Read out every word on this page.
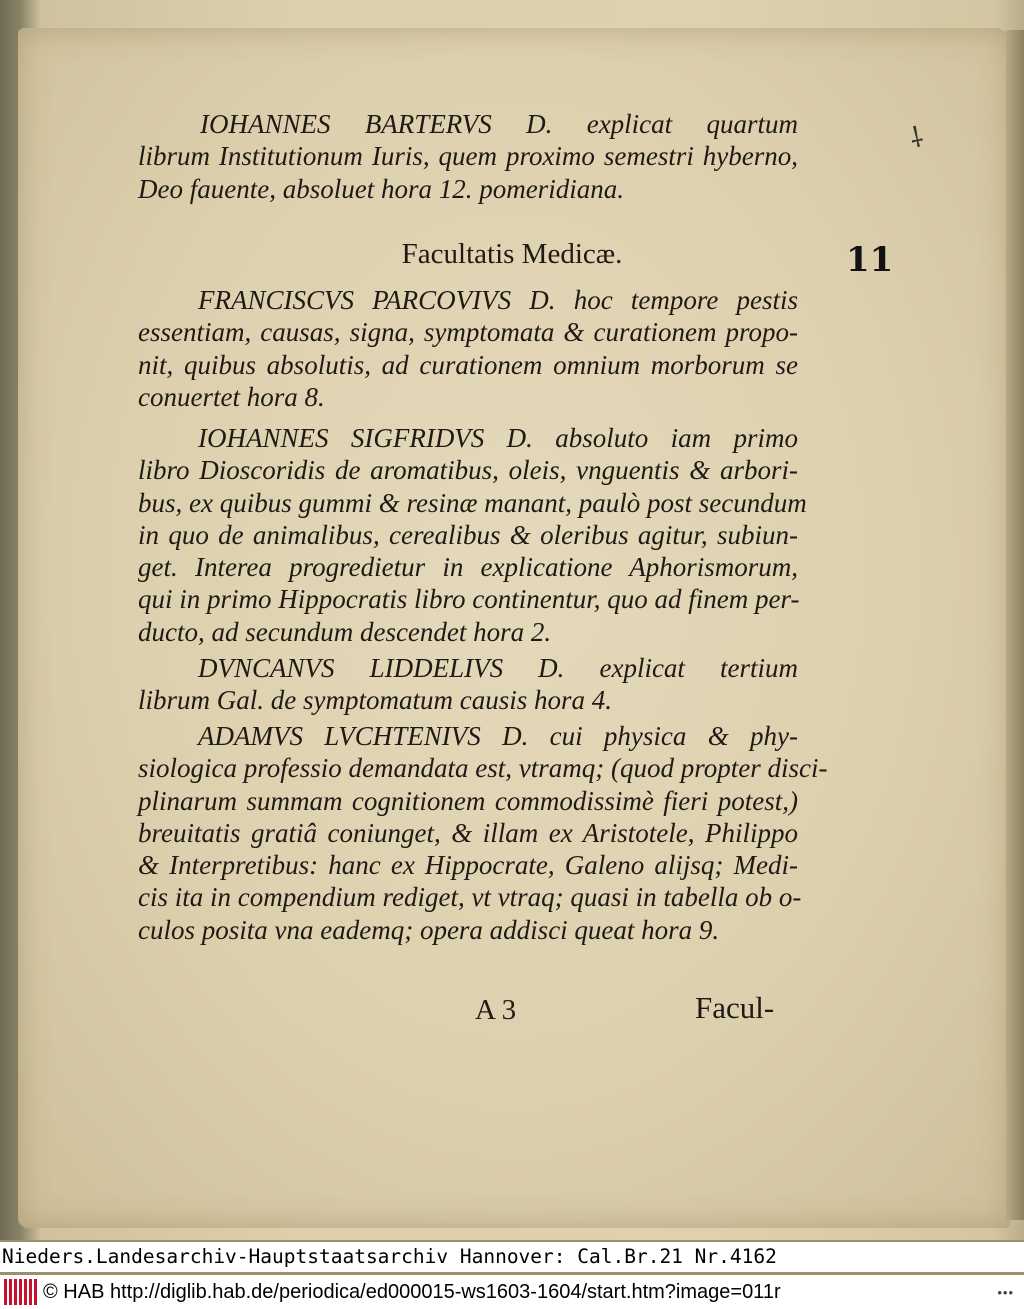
⸸
11
IOHANNES BARTERVS D. explicat quartum
librum Institutionum Iuris, quem proximo semestri hyberno,
Deo fauente, absoluet hora 12. pomeridiana.
Facultatis Medicæ.
FRANCISCVS PARCOVIVS D. hoc tempore pestis
essentiam, causas, signa, symptomata & curationem propo-
nit, quibus absolutis, ad curationem omnium morborum se
conuertet hora 8.
IOHANNES SIGFRIDVS D. absoluto iam primo
libro Dioscoridis de aromatibus, oleis, vnguentis & arbori-
bus, ex quibus gummi & resinæ manant, paulò post secundum
in quo de animalibus, cerealibus & oleribus agitur, subiun-
get. Interea progredietur in explicatione Aphorismorum,
qui in primo Hippocratis libro continentur, quo ad finem per-
ducto, ad secundum descendet hora 2.
DVNCANVS LIDDELIVS D. explicat tertium
librum Gal. de symptomatum causis hora 4.
ADAMVS LVCHTENIVS D. cui physica & phy-
siologica professio demandata est, vtramq; (quod propter disci-
plinarum summam cognitionem commodissimè fieri potest,)
breuitatis gratiâ coniunget, & illam ex Aristotele, Philippo
& Interpretibus: hanc ex Hippocrate, Galeno alijsq; Medi-
cis ita in compendium rediget, vt vtraq; quasi in tabella ob o-
culos posita vna eademq; opera addisci queat hora 9.
A 3	Facul-
Nieders.Landesarchiv-Hauptstaatsarchiv Hannover: Cal.Br.21 Nr.4162
© HAB http://diglib.hab.de/periodica/ed000015-ws1603-1604/start.htm?image=011r	•••
